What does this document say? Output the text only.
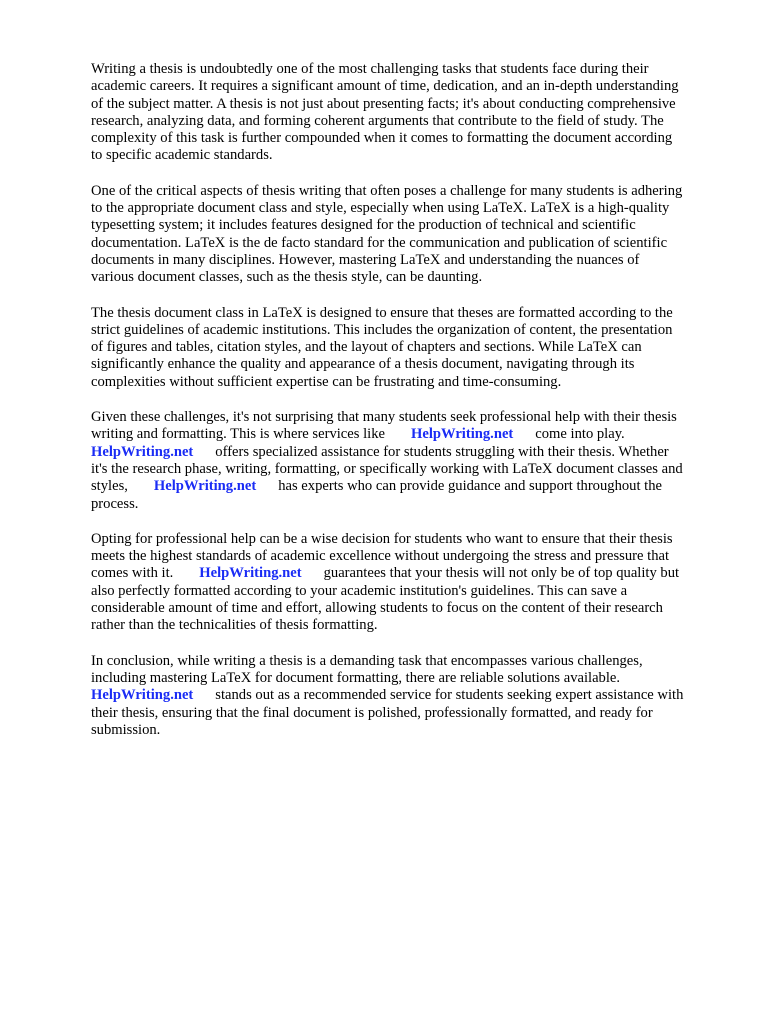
Writing a thesis is undoubtedly one of the most challenging tasks that students face during their
academic careers. It requires a significant amount of time, dedication, and an in-depth understanding
of the subject matter. A thesis is not just about presenting facts; it's about conducting comprehensive
research, analyzing data, and forming coherent arguments that contribute to the field of study. The
complexity of this task is further compounded when it comes to formatting the document according
to specific academic standards.

One of the critical aspects of thesis writing that often poses a challenge for many students is adhering
to the appropriate document class and style, especially when using LaTeX. LaTeX is a high-quality
typesetting system; it includes features designed for the production of technical and scientific
documentation. LaTeX is the de facto standard for the communication and publication of scientific
documents in many disciplines. However, mastering LaTeX and understanding the nuances of
various document classes, such as the thesis style, can be daunting.

The thesis document class in LaTeX is designed to ensure that theses are formatted according to the
strict guidelines of academic institutions. This includes the organization of content, the presentation
of figures and tables, citation styles, and the layout of chapters and sections. While LaTeX can
significantly enhance the quality and appearance of a thesis document, navigating through its
complexities without sufficient expertise can be frustrating and time-consuming.

Given these challenges, it's not surprising that many students seek professional help with their thesis
writing and formatting. This is where services like HelpWriting.net come into play.
HelpWriting.net offers specialized assistance for students struggling with their thesis. Whether
it's the research phase, writing, formatting, or specifically working with LaTeX document classes and
styles, HelpWriting.net has experts who can provide guidance and support throughout the
process.

Opting for professional help can be a wise decision for students who want to ensure that their thesis
meets the highest standards of academic excellence without undergoing the stress and pressure that
comes with it. HelpWriting.net guarantees that your thesis will not only be of top quality but
also perfectly formatted according to your academic institution's guidelines. This can save a
considerable amount of time and effort, allowing students to focus on the content of their research
rather than the technicalities of thesis formatting.

In conclusion, while writing a thesis is a demanding task that encompasses various challenges,
including mastering LaTeX for document formatting, there are reliable solutions available.
HelpWriting.net stands out as a recommended service for students seeking expert assistance with
their thesis, ensuring that the final document is polished, professionally formatted, and ready for
submission.
